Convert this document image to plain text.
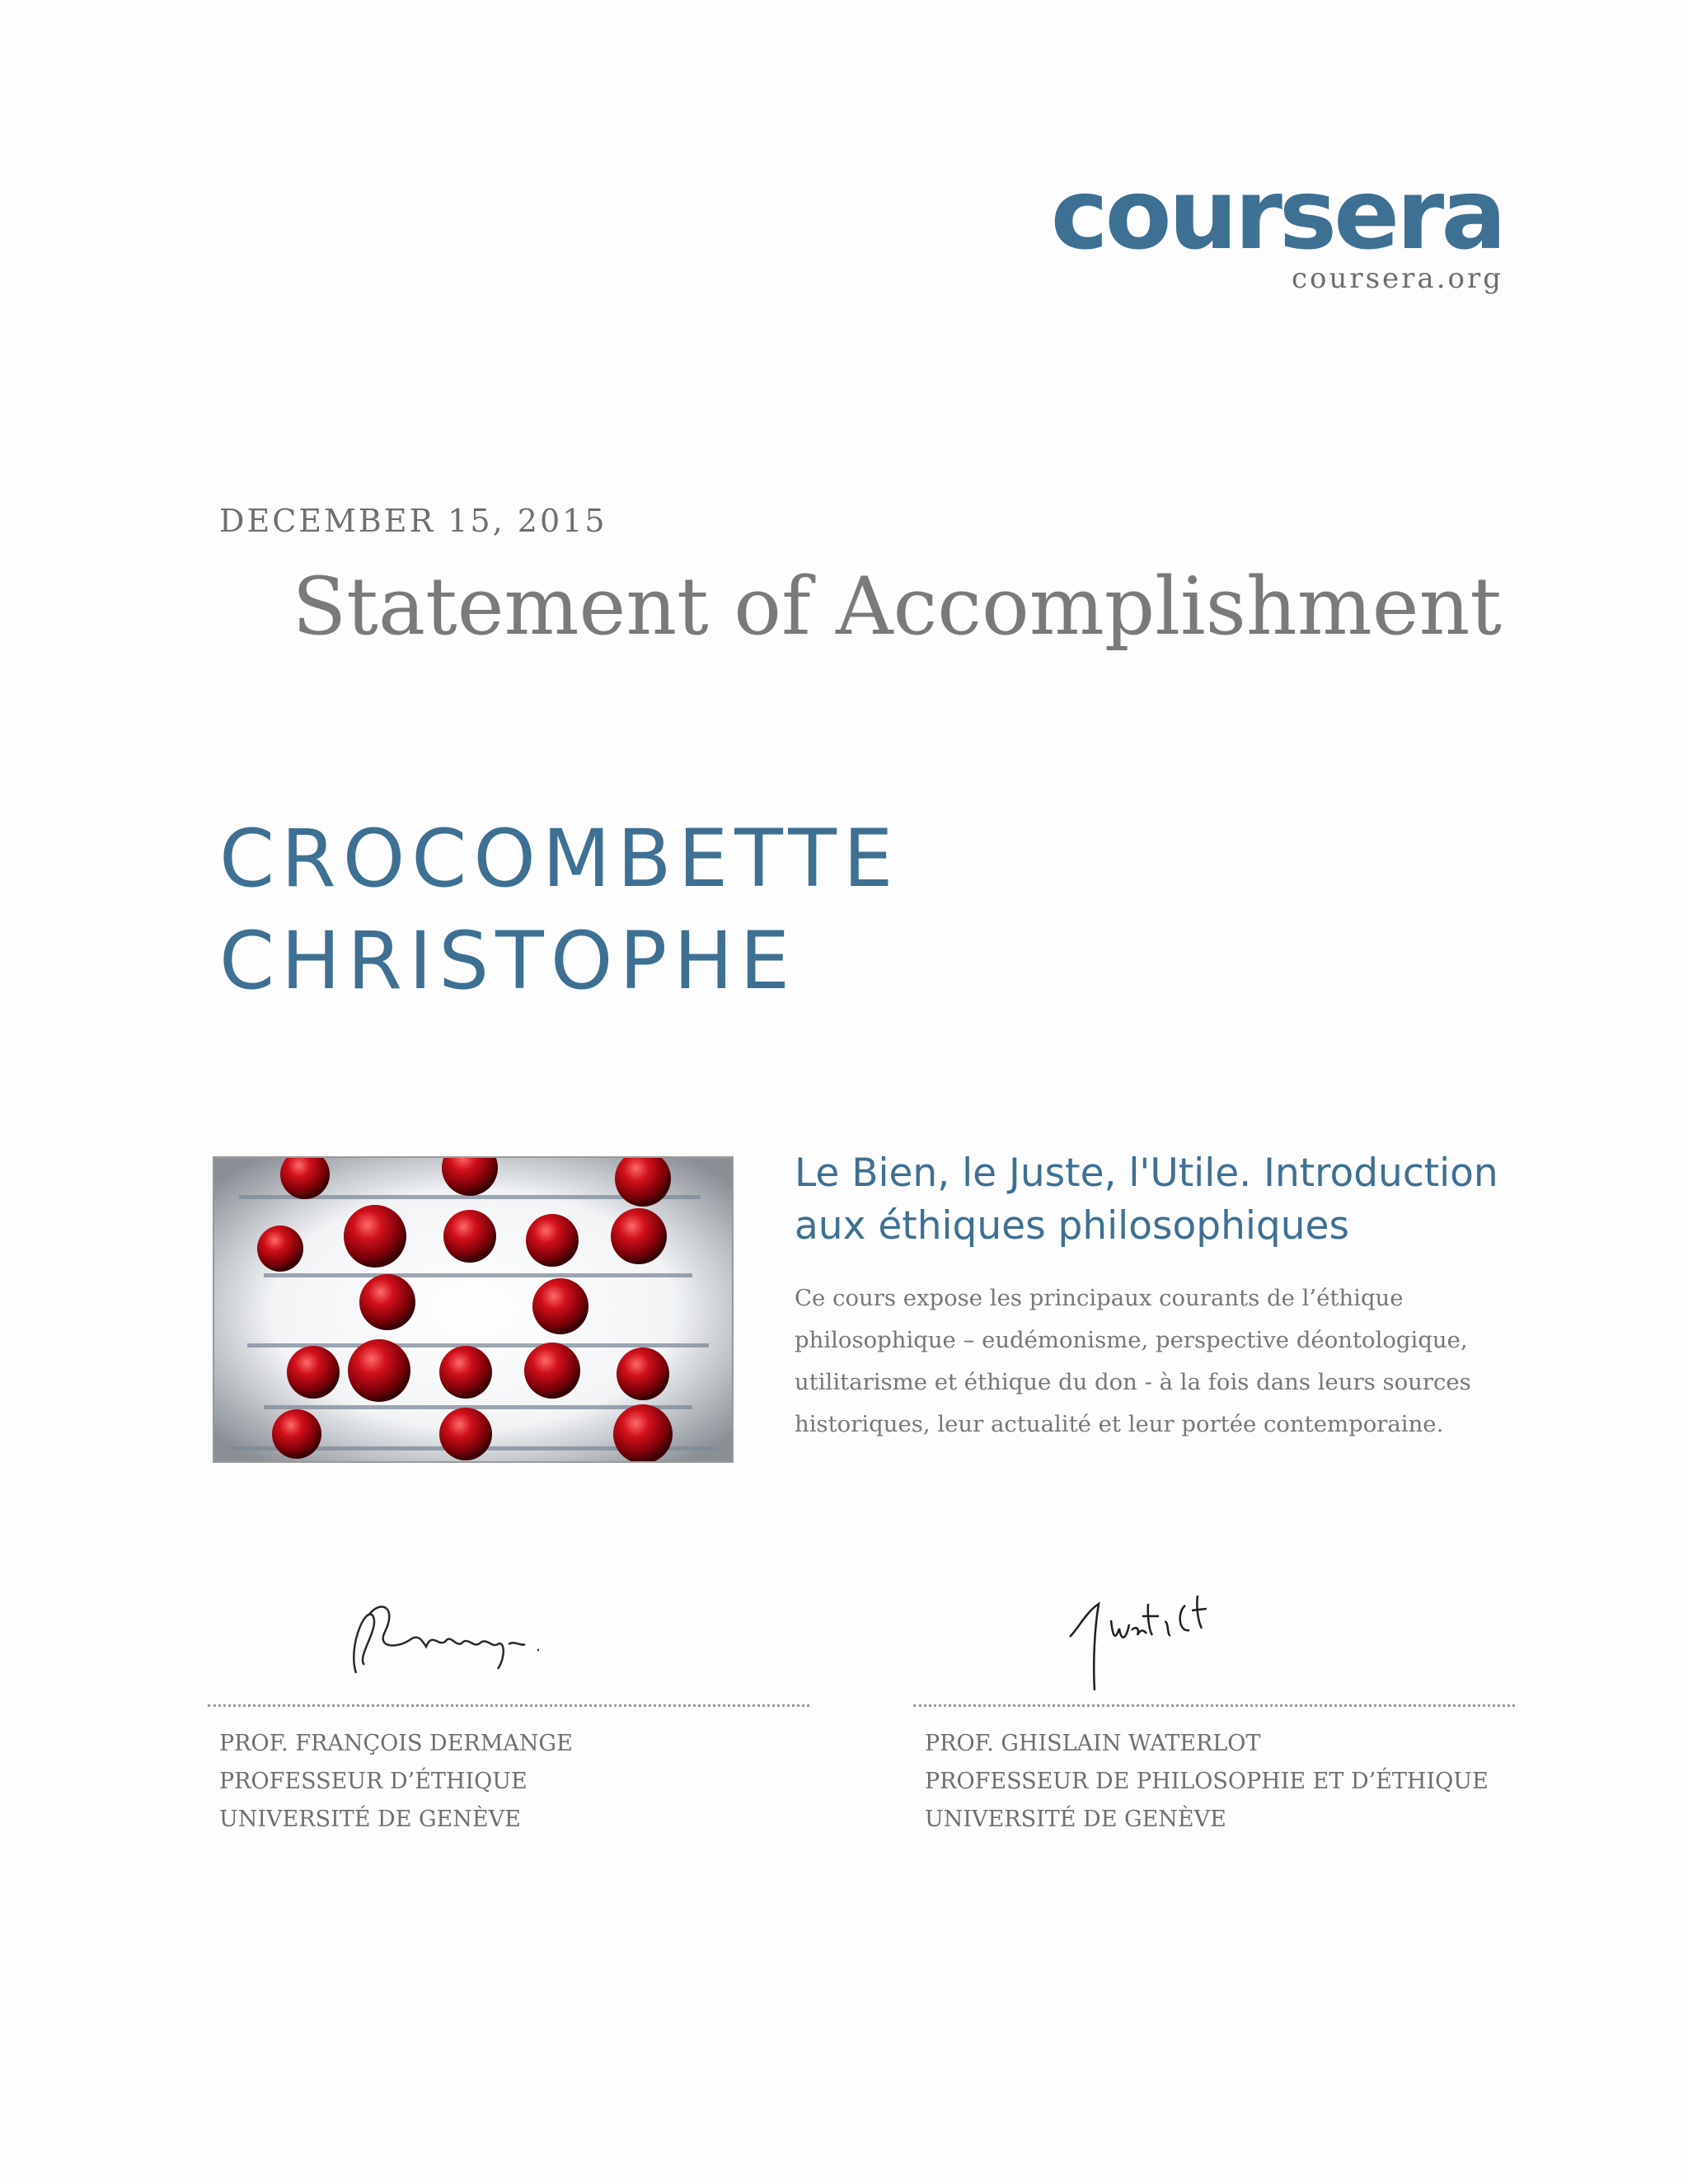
coursera
coursera.org
DECEMBER 15, 2015
Statement of Accomplishment
CROCOMBETTE
CHRISTOPHE
Le Bien, le Juste, l'Utile. Introduction aux éthiques philosophiques
Ce cours expose les principaux courants de l’éthique philosophique – eudémonisme, perspective déontologique, utilitarisme et éthique du don - à la fois dans leurs sources historiques, leur actualité et leur portée contemporaine.
PROF. FRANÇOIS DERMANGE
PROFESSEUR D’ÉTHIQUE
UNIVERSITÉ DE GENÈVE
PROF. GHISLAIN WATERLOT
PROFESSEUR DE PHILOSOPHIE ET D’ÉTHIQUE
UNIVERSITÉ DE GENÈVE
